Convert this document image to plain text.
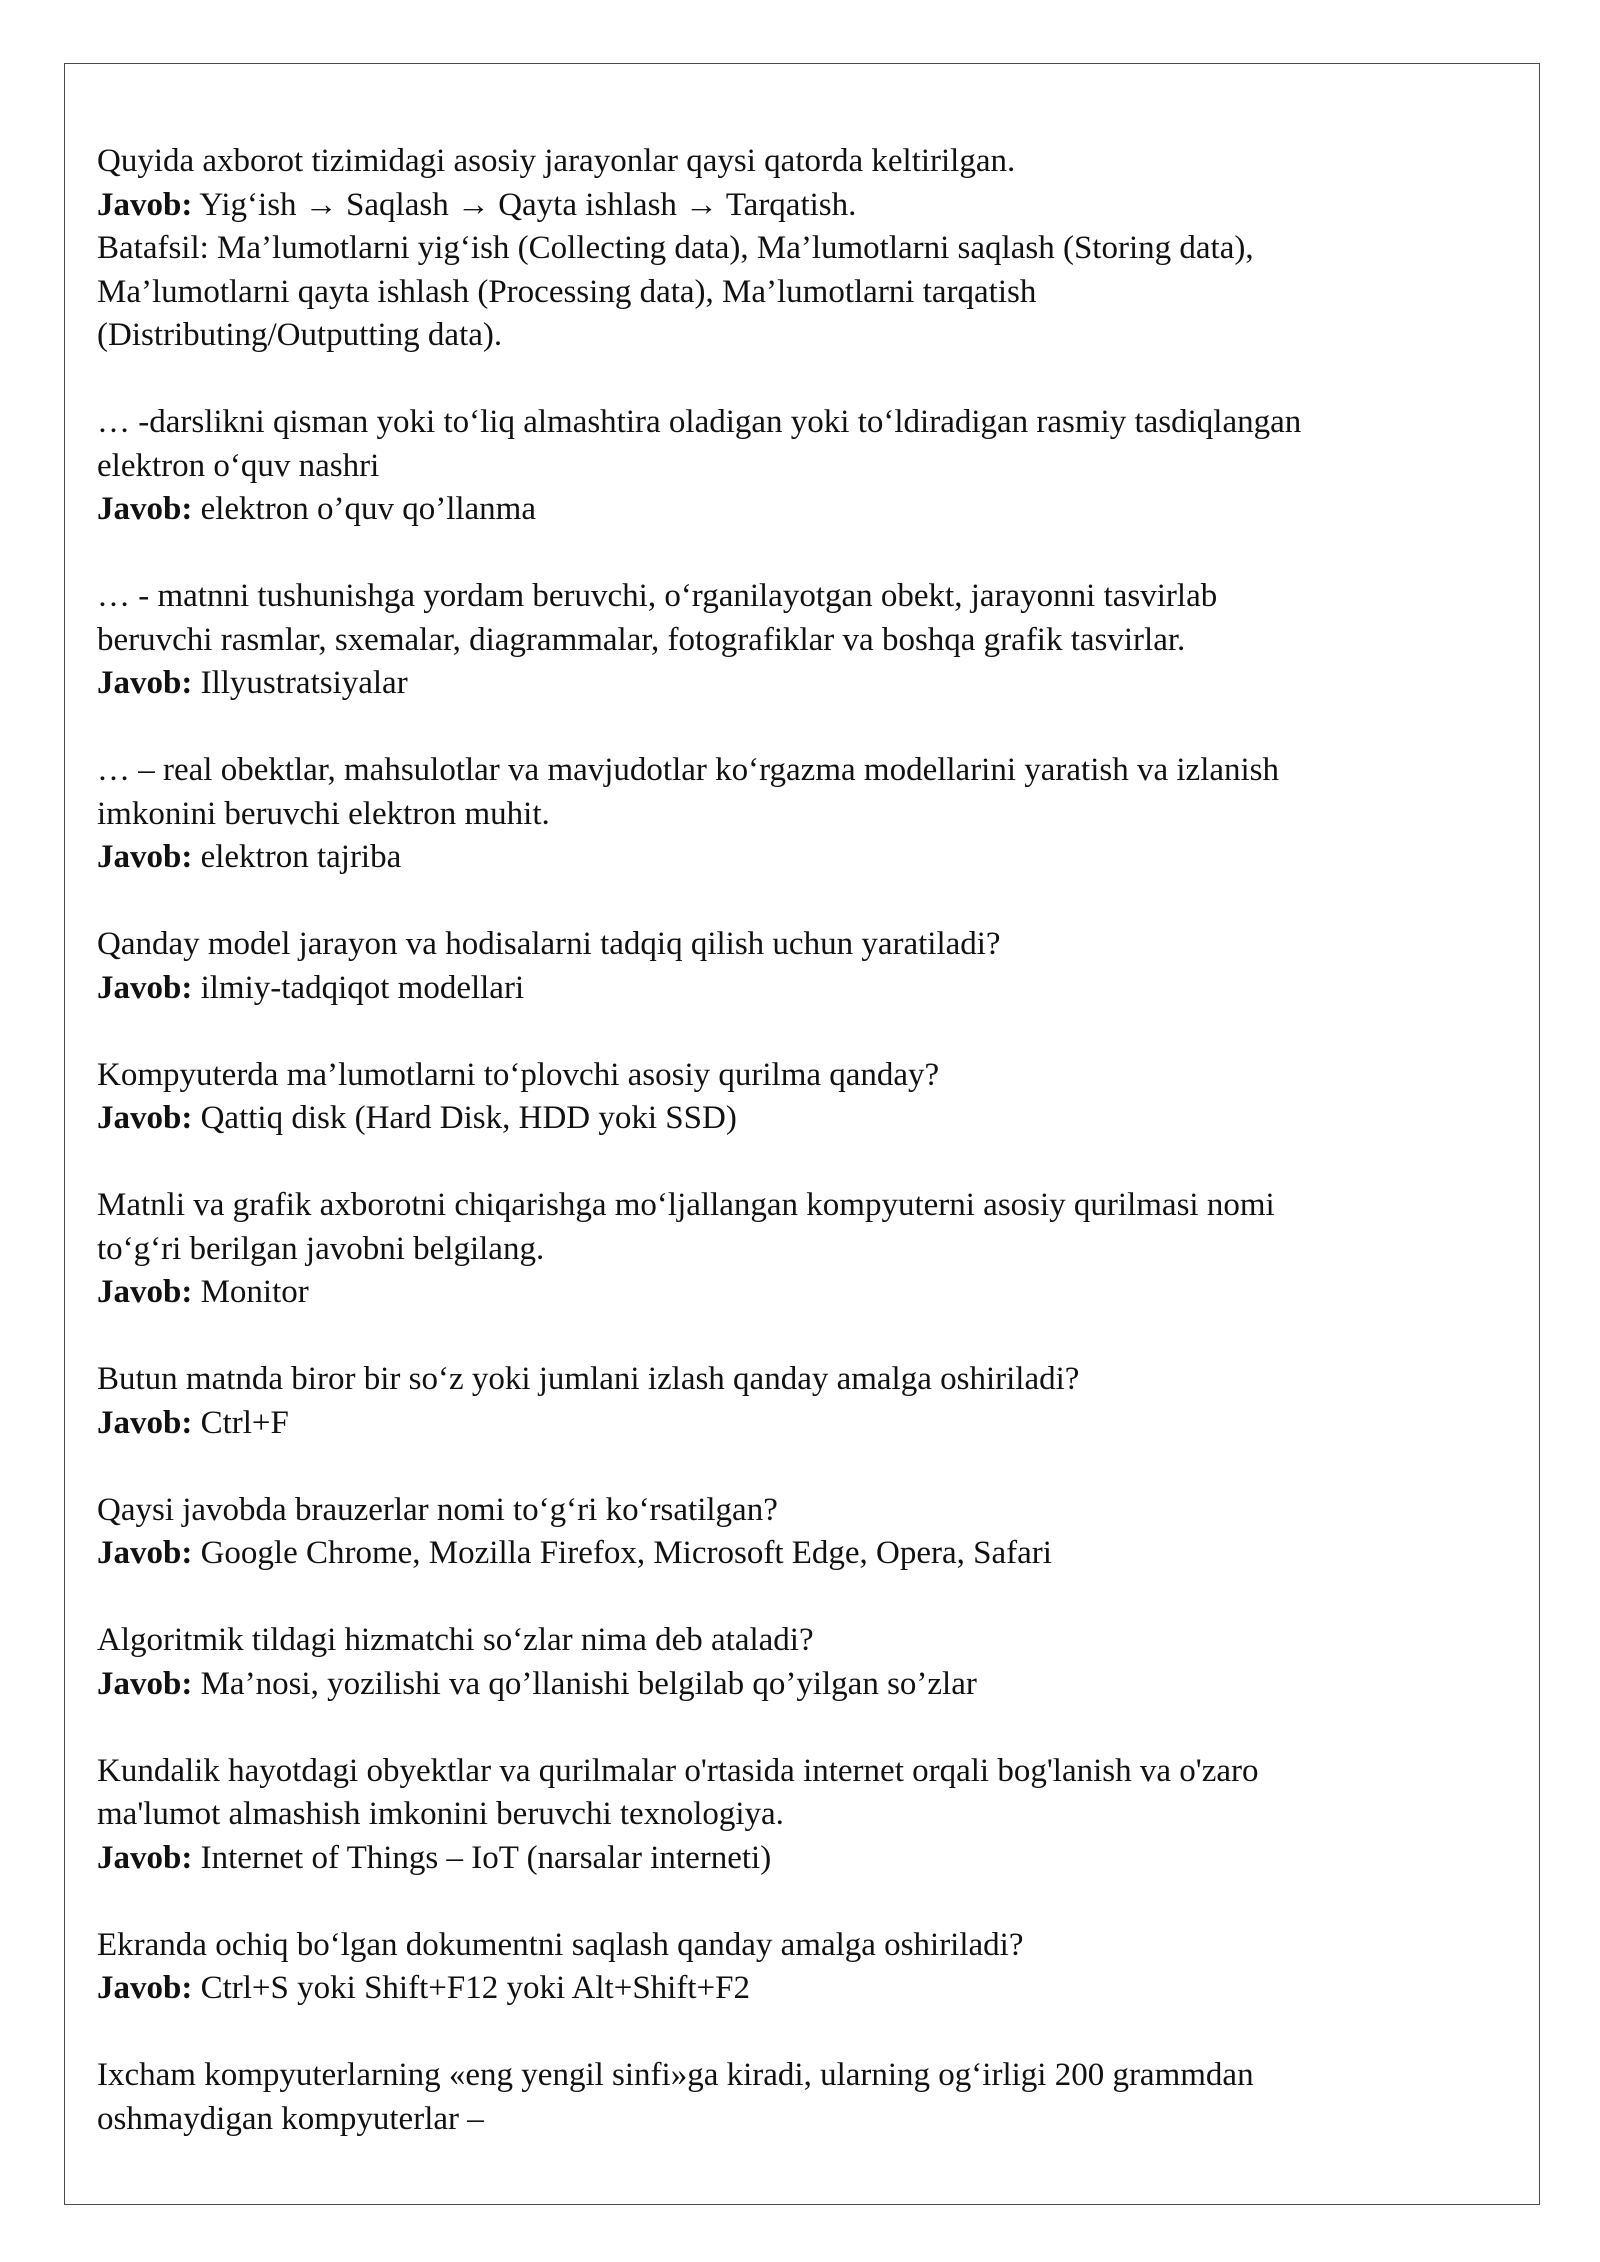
Quyida axborot tizimidagi asosiy jarayonlar qaysi qatorda keltirilgan.
Javob: Yig‘ish → Saqlash → Qayta ishlash → Tarqatish.
Batafsil: Ma’lumotlarni yig‘ish (Collecting data), Ma’lumotlarni saqlash (Storing data),
Ma’lumotlarni qayta ishlash (Processing data), Ma’lumotlarni tarqatish
(Distributing/Outputting data).
… -darslikni qisman yoki to‘liq almashtira oladigan yoki to‘ldiradigan rasmiy tasdiqlangan
elektron o‘quv nashri
Javob: elektron o’quv qo’llanma
… - matnni tushunishga yordam beruvchi, o‘rganilayotgan obekt, jarayonni tasvirlab
beruvchi rasmlar, sxemalar, diagrammalar, fotografiklar va boshqa grafik tasvirlar.
Javob: Illyustratsiyalar
… – real obektlar, mahsulotlar va mavjudotlar ko‘rgazma modellarini yaratish va izlanish
imkonini beruvchi elektron muhit.
Javob: elektron tajriba
Qanday model jarayon va hodisalarni tadqiq qilish uchun yaratiladi?
Javob: ilmiy-tadqiqot modellari
Kompyuterda ma’lumotlarni to‘plovchi asosiy qurilma qanday?
Javob: Qattiq disk (Hard Disk, HDD yoki SSD)
Matnli va grafik axborotni chiqarishga mo‘ljallangan kompyuterni asosiy qurilmasi nomi
to‘g‘ri berilgan javobni belgilang.
Javob: Monitor
Butun matnda biror bir so‘z yoki jumlani izlash qanday amalga oshiriladi?
Javob: Ctrl+F
Qaysi javobda brauzerlar nomi to‘g‘ri ko‘rsatilgan?
Javob: Google Chrome, Mozilla Firefox, Microsoft Edge, Opera, Safari
Algoritmik tildagi hizmatchi so‘zlar nima deb ataladi?
Javob: Ma’nosi, yozilishi va qo’llanishi belgilab qo’yilgan so’zlar
Kundalik hayotdagi obyektlar va qurilmalar o'rtasida internet orqali bog'lanish va o'zaro
ma'lumot almashish imkonini beruvchi texnologiya.
Javob: Internet of Things – IoT (narsalar interneti)
Ekranda ochiq bo‘lgan dokumentni saqlash qanday amalga oshiriladi?
Javob: Ctrl+S yoki Shift+F12 yoki Alt+Shift+F2
Ixcham kompyuterlarning «eng yengil sinfi»ga kiradi, ularning og‘irligi 200 grammdan
oshmaydigan kompyuterlar –
